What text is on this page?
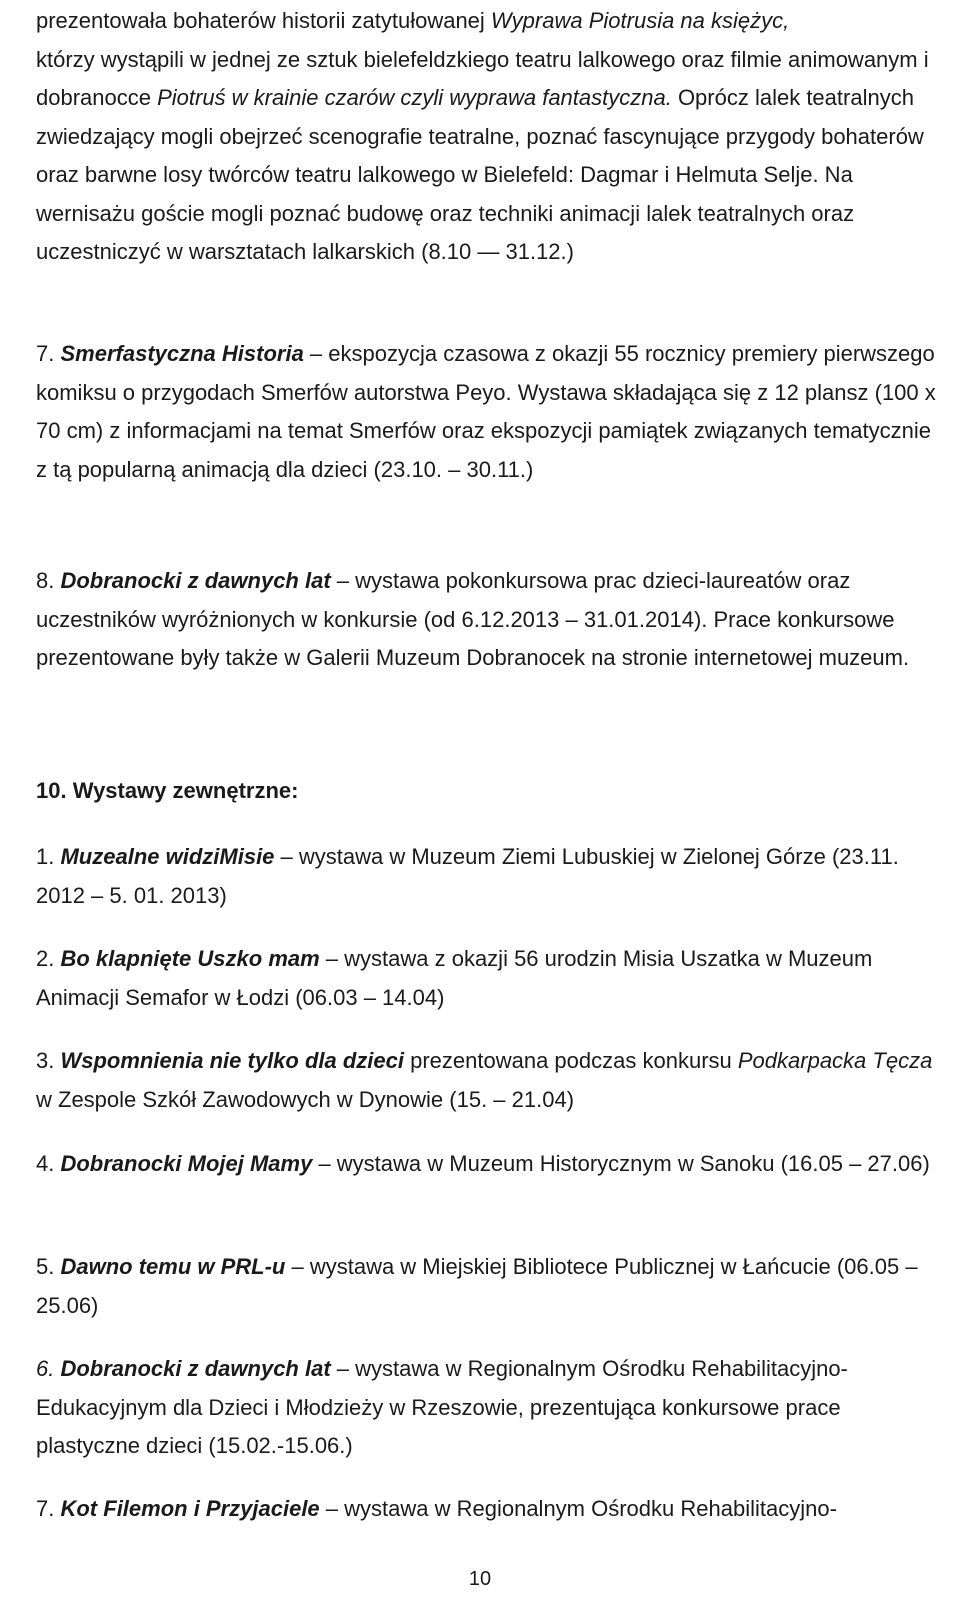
prezentowała bohaterów historii zatytułowanej Wyprawa Piotrusia na księżyc,
którzy wystąpili w jednej ze sztuk bielefeldzkiego teatru lalkowego oraz filmie animowanym i dobranocce Piotruś w krainie czarów czyli wyprawa fantastyczna. Oprócz lalek teatralnych zwiedzający mogli obejrzeć scenografie teatralne, poznać fascynujące przygody bohaterów oraz barwne losy twórców teatru lalkowego w Bielefeld: Dagmar i Helmuta Selje. Na wernisażu goście mogli poznać budowę oraz techniki animacji lalek teatralnych oraz uczestniczyć w warsztatach lalkarskich (8.10 — 31.12.)
7. Smerfastyczna Historia – ekspozycja czasowa z okazji 55 rocznicy premiery pierwszego komiksu o przygodach Smerfów autorstwa Peyo. Wystawa składająca się z 12 plansz (100 x 70 cm) z informacjami na temat Smerfów oraz ekspozycji pamiątek związanych tematycznie z tą popularną animacją dla dzieci (23.10. – 30.11.)
8. Dobranocki z dawnych lat – wystawa pokonkursowa prac dzieci-laureatów oraz uczestników wyróżnionych w konkursie (od 6.12.2013 – 31.01.2014). Prace konkursowe prezentowane były także w Galerii Muzeum Dobranocek na stronie internetowej muzeum.
10. Wystawy zewnętrzne:
1. Muzealne widziMisie – wystawa w Muzeum Ziemi Lubuskiej w Zielonej Górze (23.11. 2012 – 5. 01. 2013)
2. Bo klapnięte Uszko mam – wystawa z okazji 56 urodzin Misia Uszatka w Muzeum Animacji Semafor w Łodzi (06.03 – 14.04)
3. Wspomnienia nie tylko dla dzieci prezentowana podczas konkursu Podkarpacka Tęcza w Zespole Szkół Zawodowych w Dynowie (15. – 21.04)
4. Dobranocki Mojej Mamy – wystawa w Muzeum Historycznym w Sanoku (16.05 – 27.06)
5. Dawno temu w PRL-u – wystawa w Miejskiej Bibliotece Publicznej w Łańcucie (06.05 – 25.06)
6. Dobranocki z dawnych lat – wystawa w Regionalnym Ośrodku Rehabilitacyjno-Edukacyjnym dla Dzieci i Młodzieży w Rzeszowie, prezentująca konkursowe prace plastyczne dzieci (15.02.-15.06.)
7. Kot Filemon i Przyjaciele – wystawa w Regionalnym Ośrodku Rehabilitacyjno-
10
